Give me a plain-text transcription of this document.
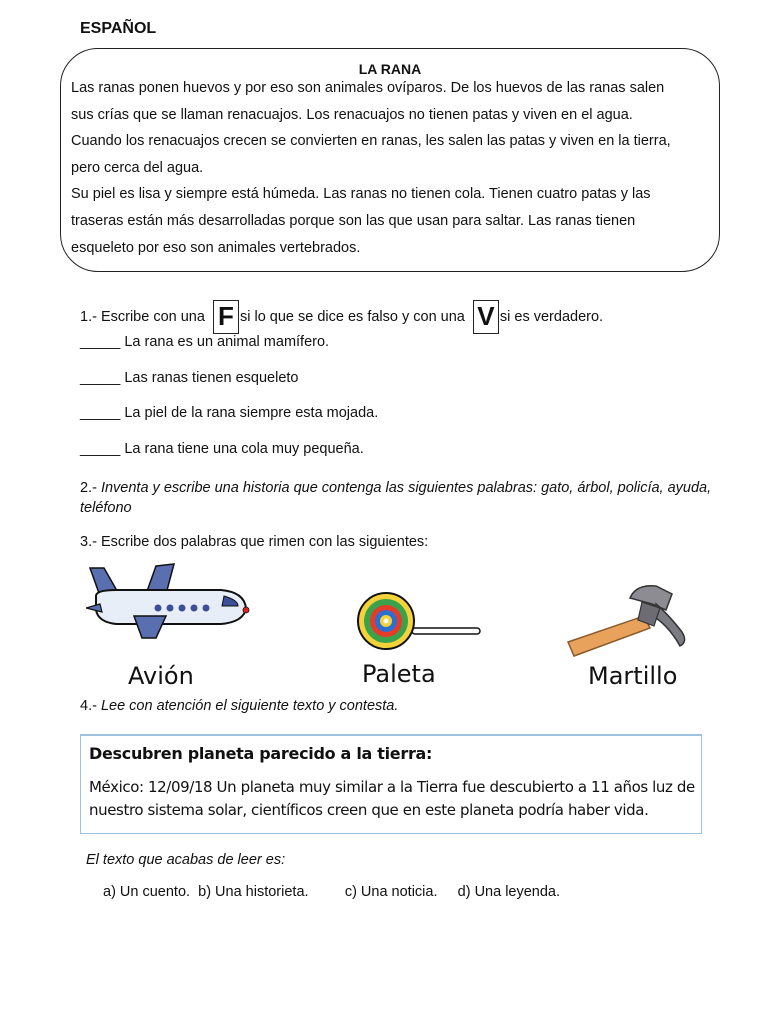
ESPAÑOL
LA RANA
Las ranas ponen huevos y por eso son animales ovíparos. De los huevos de las ranas salen
sus crías que se llaman renacuajos. Los renacuajos no tienen patas y viven en el agua.
Cuando los renacuajos crecen se convierten en ranas, les salen las patas y viven en la tierra,
pero cerca del agua.
Su piel es lisa y siempre está húmeda. Las ranas no tienen cola. Tienen cuatro patas y las
traseras están más desarrolladas porque son las que usan para saltar. Las ranas tienen
esqueleto por eso son animales vertebrados.
1.- Escribe con una F si lo que se dice es falso y con una V si es verdadero.
_____ La rana es un animal mamífero.
_____ Las ranas tienen esqueleto
_____ La piel de la rana siempre esta mojada.
_____ La rana tiene una cola muy pequeña.
2.- Inventa y escribe una historia que contenga las siguientes palabras: gato, árbol, policía, ayuda, teléfono
3.- Escribe dos palabras que rimen con las siguientes:
Avión	Paleta	Martillo
4.- Lee con atención el siguiente texto y contesta.
Descubren planeta parecido a la tierra:
México: 12/09/18 Un planeta muy similar a la Tierra fue descubierto a 11 años luz de
nuestro sistema solar, científicos creen que en este planeta podría haber vida.
El texto que acabas de leer es:
a) Un cuento. b) Una historieta.	c) Una noticia. d) Una leyenda.
